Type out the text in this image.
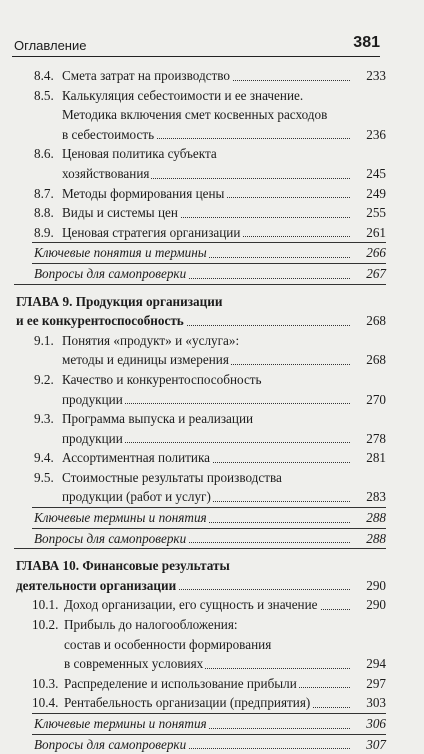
Оглавление	381
8.4. Смета затрат на производство	233
8.5. Калькуляция себестоимости и ее значение.
Методика включения смет косвенных расходов
в себестоимость	236
8.6. Ценовая политика субъекта
хозяйствования	245
8.7. Методы формирования цены	249
8.8. Виды и системы цен	255
8.9. Ценовая стратегия организации	261
Ключевые понятия и термины	266
Вопросы для самопроверки	267
ГЛАВА 9. Продукция организации
и ее конкурентоспособность	268
9.1. Понятия «продукт» и «услуга»:
методы и единицы измерения	268
9.2. Качество и конкурентоспособность
продукции	270
9.3. Программа выпуска и реализации
продукции	278
9.4. Ассортиментная политика	281
9.5. Стоимостные результаты производства
продукции (работ и услуг)	283
Ключевые термины и понятия	288
Вопросы для самопроверки	288
ГЛАВА 10. Финансовые результаты
деятельности организации	290
10.1. Доход организации, его сущность и значение	290
10.2. Прибыль до налогообложения:
состав и особенности формирования
в современных условиях	294
10.3. Распределение и использование прибыли	297
10.4. Рентабельность организации (предприятия)	303
Ключевые термины и понятия	306
Вопросы для самопроверки	307
